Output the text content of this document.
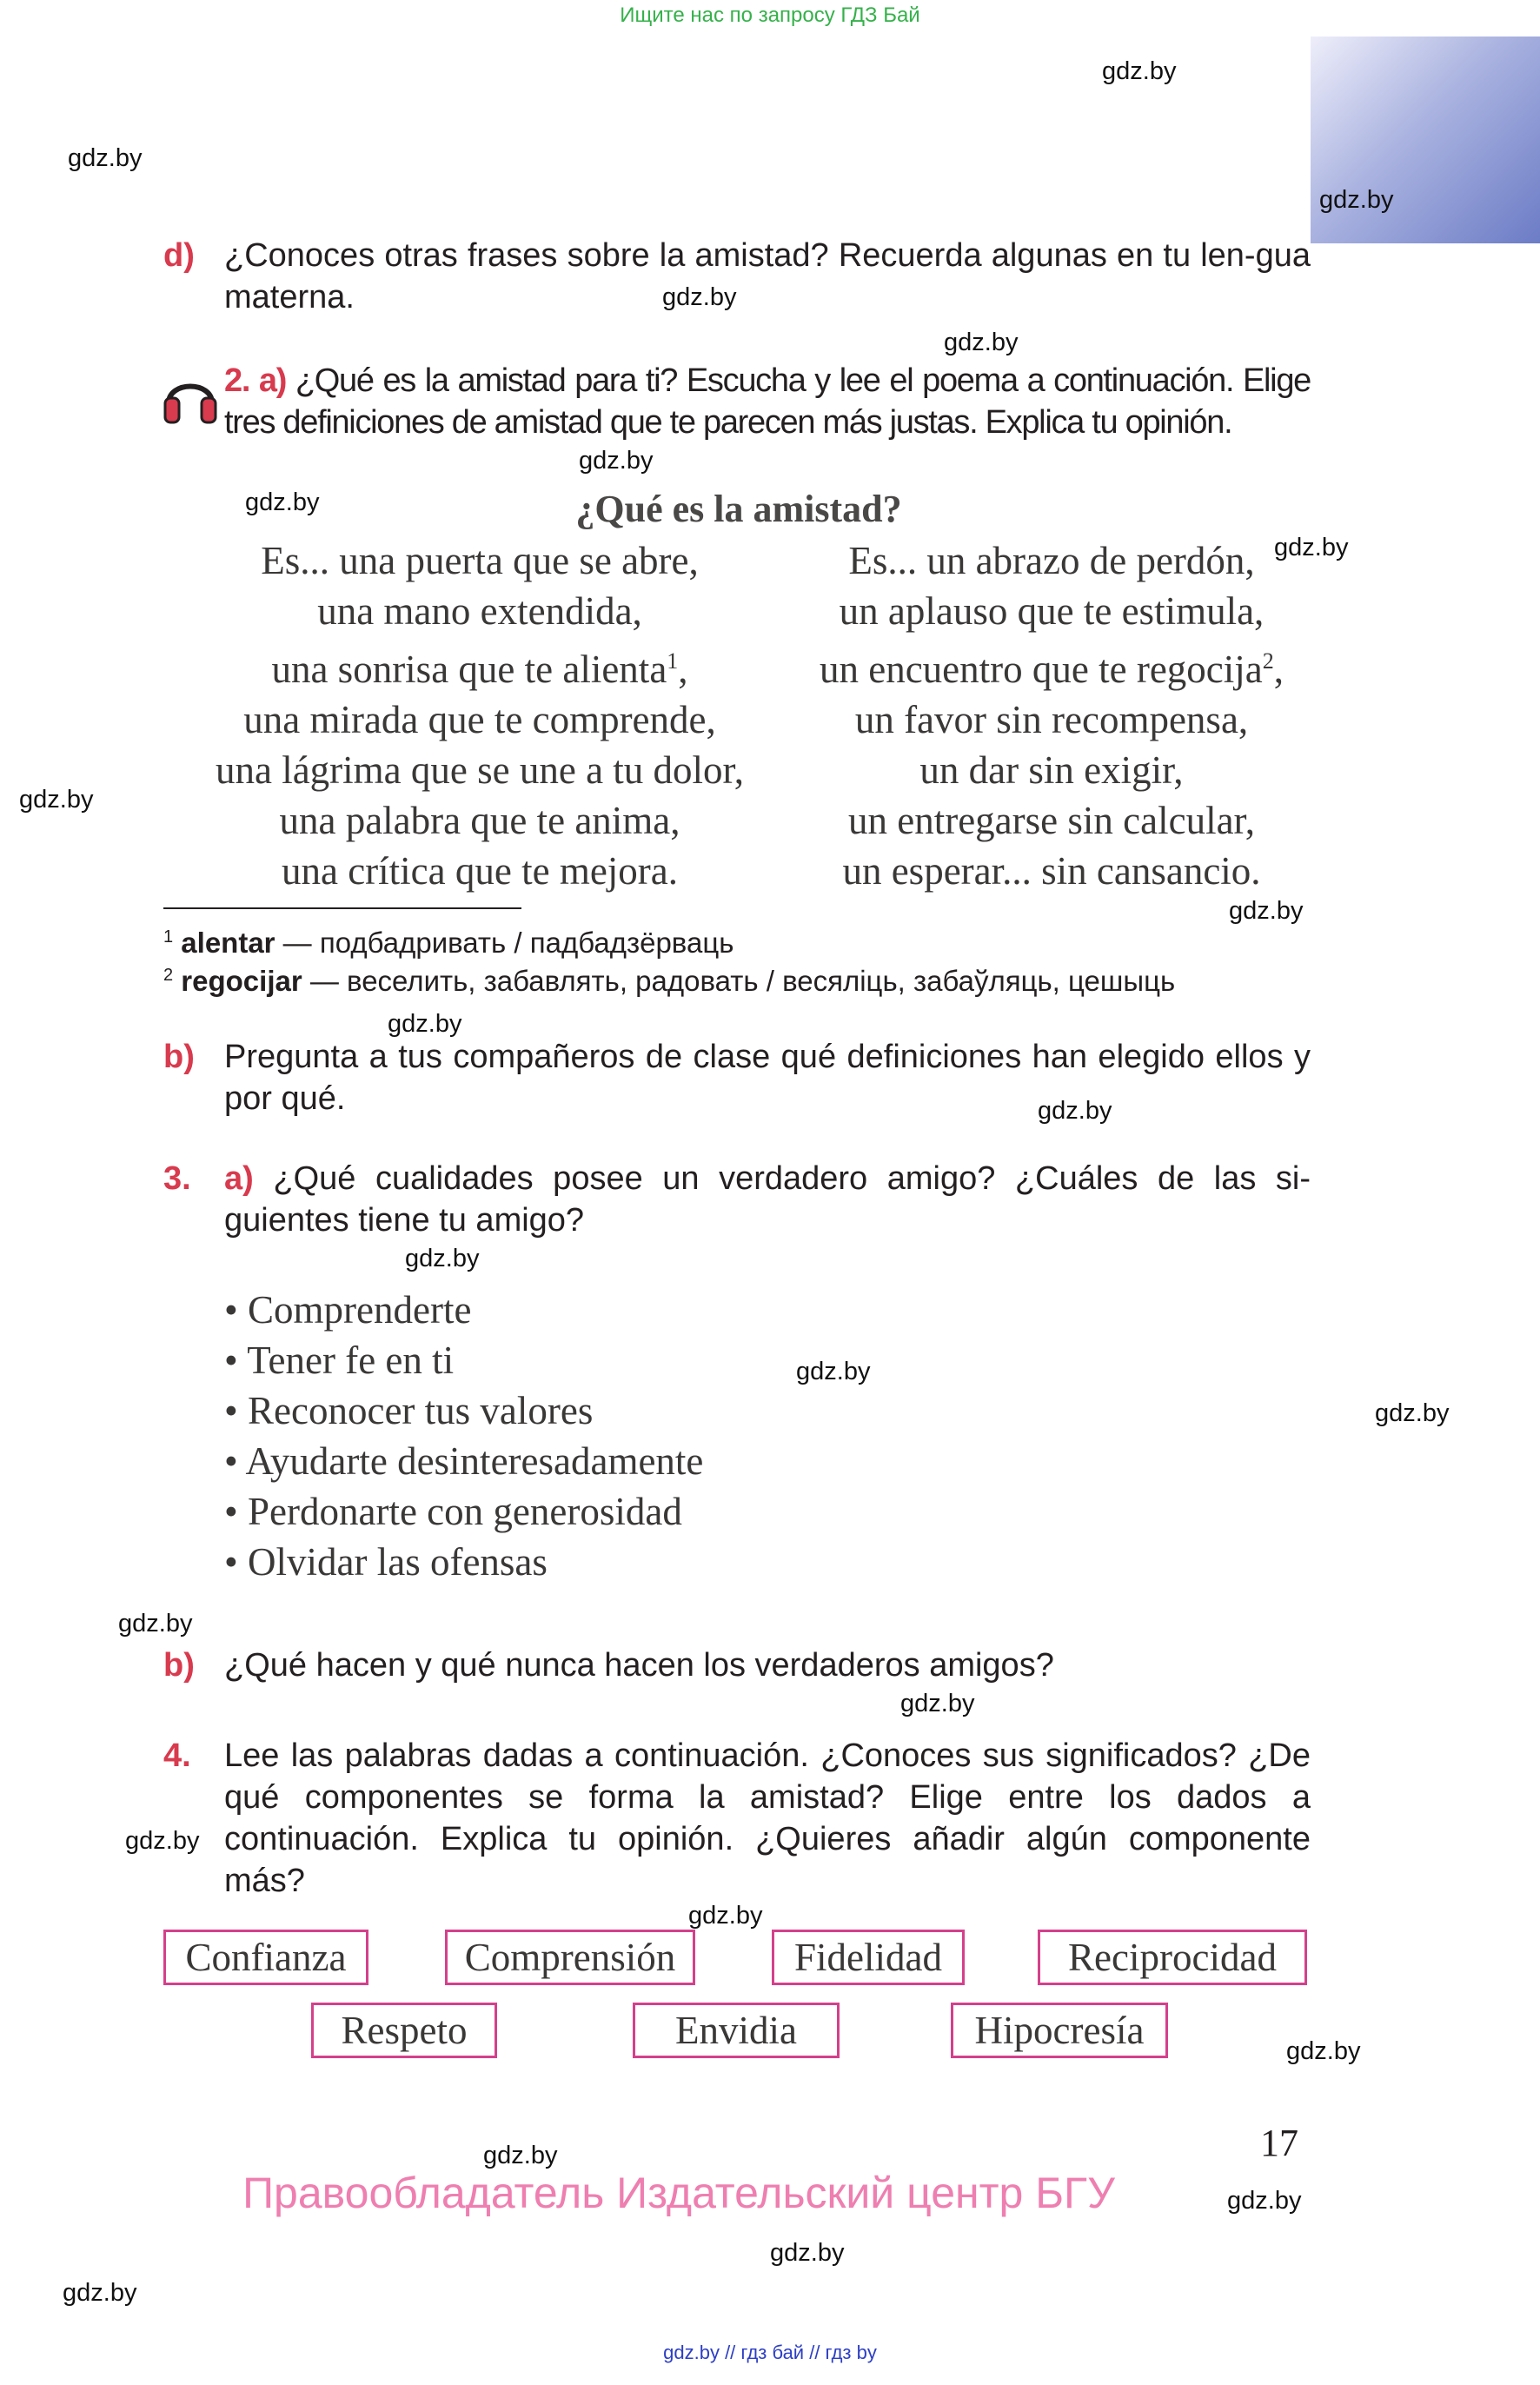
Ищите нас по запросу ГДЗ Бай
gdz.by
gdz.by
gdz.by
gdz.by
gdz.by
gdz.by
gdz.by
gdz.by
gdz.by
gdz.by
gdz.by
gdz.by
gdz.by
gdz.by
gdz.by
gdz.by
gdz.by
gdz.by
gdz.by
gdz.by
gdz.by
gdz.by
gdz.by
gdz.by
d) ¿Conoces otras frases sobre la amistad? Recuerda algunas en tu len-gua materna.
2. a) ¿Qué es la amistad para ti? Escucha y lee el poema a continuación. Elige tres definiciones de amistad que te parecen más justas. Explica tu opinión.
¿Qué es la amistad?
Es... una puerta que se abre,
una mano extendida,
una sonrisa que te alienta$^1$,
una mirada que te comprende,
una lágrima que se une a tu dolor,
una palabra que te anima,
una crítica que te mejora.
Es... un abrazo de perdón,
un aplauso que te estimula,
un encuentro que te regocija$^2$,
un favor sin recompensa,
un dar sin exigir,
un entregarse sin calcular,
un esperar... sin cansancio.
$^1$ alentar — подбадривать / падбадзёрваць
$^2$ regocijar — веселить, забавлять, радовать / весяліць, забаўляць, цешыць
b) Pregunta a tus compañeros de clase qué definiciones han elegido ellos y por qué.
3. a) ¿Qué cualidades posee un verdadero amigo? ¿Cuáles de las si-guientes tiene tu amigo?
• Comprenderte
• Tener fe en ti
• Reconocer tus valores
• Ayudarte desinteresadamente
• Perdonarte con generosidad
• Olvidar las ofensas
b) ¿Qué hacen y qué nunca hacen los verdaderos amigos?
4. Lee las palabras dadas a continuación. ¿Conoces sus significados? ¿De qué componentes se forma la amistad? Elige entre los dados a continuación. Explica tu opinión. ¿Quieres añadir algún componente más?
Confianza	Comprensión	Fidelidad	Reciprocidad
Respeto	Envidia	Hipocresía
17
Правообладатель Издательский центр БГУ
gdz.by // гдз бай // гдз by
